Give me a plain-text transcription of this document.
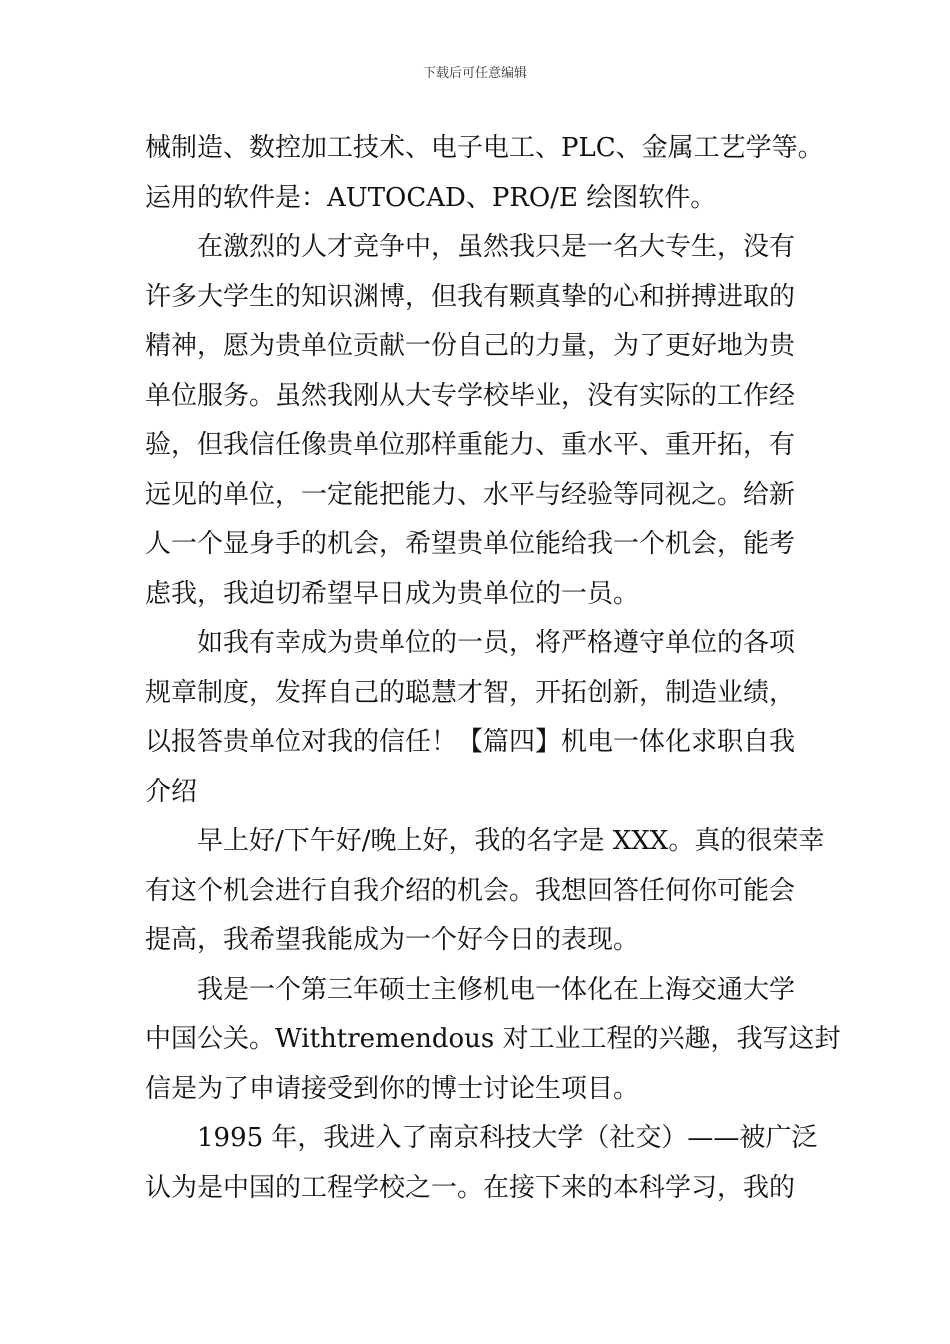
下载后可任意编辑
械制造、数控加工技术、电子电工、PLC、金属工艺学等。
运用的软件是：AUTOCAD、PRO/E 绘图软件。
在激烈的人才竞争中，虽然我只是一名大专生，没有
许多大学生的知识渊博，但我有颗真挚的心和拼搏进取的
精神，愿为贵单位贡献一份自己的力量，为了更好地为贵
单位服务。虽然我刚从大专学校毕业，没有实际的工作经
验，但我信任像贵单位那样重能力、重水平、重开拓，有
远见的单位，一定能把能力、水平与经验等同视之。给新
人一个显身手的机会，希望贵单位能给我一个机会，能考
虑我，我迫切希望早日成为贵单位的一员。
如我有幸成为贵单位的一员，将严格遵守单位的各项
规章制度，发挥自己的聪慧才智，开拓创新，制造业绩，
以报答贵单位对我的信任！【篇四】机电一体化求职自我
介绍
早上好/下午好/晚上好，我的名字是 XXX。真的很荣幸
有这个机会进行自我介绍的机会。我想回答任何你可能会
提高，我希望我能成为一个好今日的表现。
我是一个第三年硕士主修机电一体化在上海交通大学
中国公关。Withtremendous 对工业工程的兴趣，我写这封
信是为了申请接受到你的博士讨论生项目。
1995 年，我进入了南京科技大学（社交）——被广泛
认为是中国的工程学校之一。在接下来的本科学习，我的
